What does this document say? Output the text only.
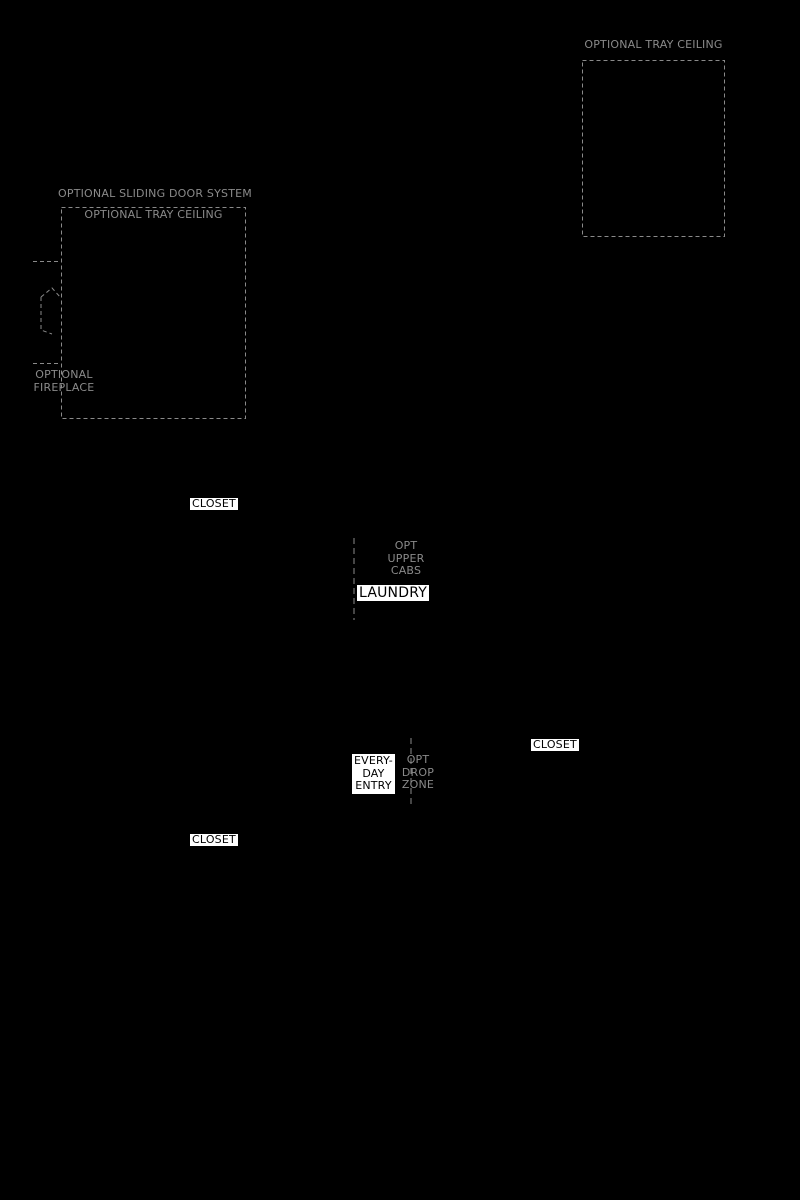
OPTIONAL TRAY CEILING
OPTIONAL SLIDING DOOR SYSTEM
OPTIONAL TRAY CEILING
OPTIONAL
FIREPLACE
OPT
UPPER
CABS
OPT
DROP
ZONE
CLOSET
LAUNDRY
CLOSET
EVERY-
DAY
ENTRY
CLOSET
